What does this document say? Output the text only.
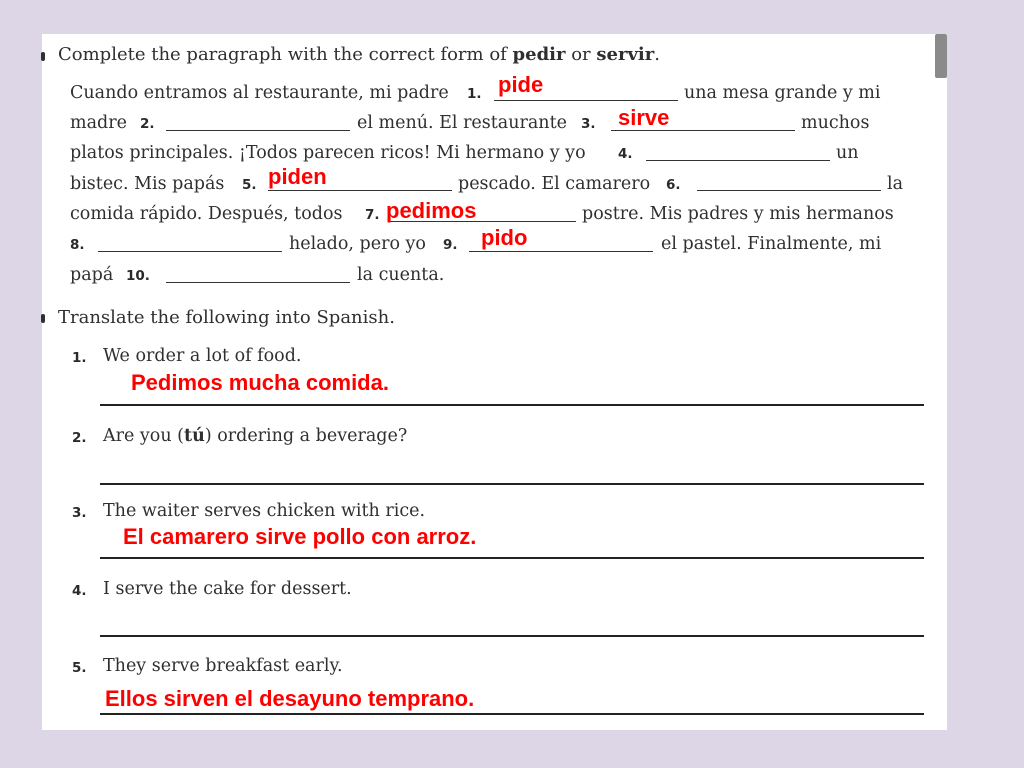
Complete the paragraph with the correct form of pedir or servir.
Cuando entramos al restaurante, mi padre 1.	una mesa grande y mi
madre 2.	el menú. El restaurante 3.	muchos
platos principales. ¡Todos parecen ricos! Mi hermano y yo 4.	un
bistec. Mis papás 5.	pescado. El camarero 6.	la
comida rápido. Después, todos 7.	postre. Mis padres y mis hermanos
8.	helado, pero yo 9.	el pastel. Finalmente, mi
papá 10.	la cuenta.
pide
sirve
piden
pedimos
pido
Translate the following into Spanish.
1. We order a lot of food.
Pedimos mucha comida.
2. Are you (tú) ordering a beverage?
3. The waiter serves chicken with rice.
El camarero sirve pollo con arroz.
4. I serve the cake for dessert.
5. They serve breakfast early.
Ellos sirven el desayuno temprano.
